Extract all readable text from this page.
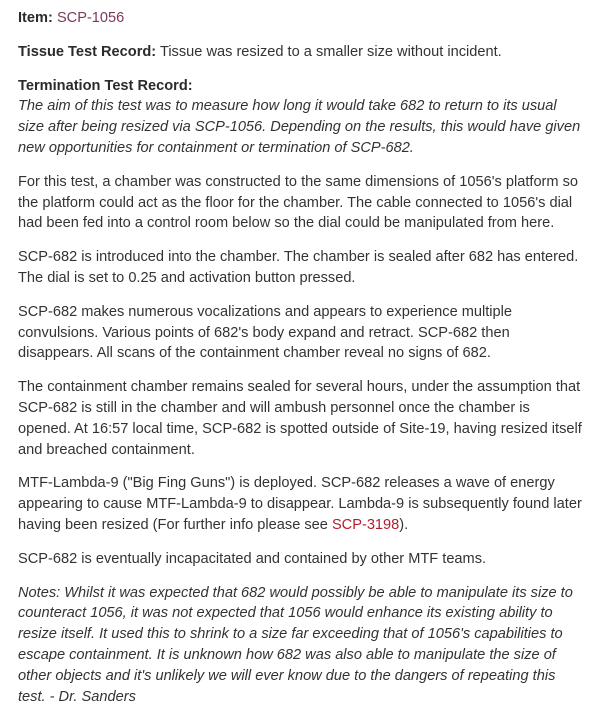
Item: SCP-1056

Tissue Test Record: Tissue was resized to a smaller size without incident.

Termination Test Record:
The aim of this test was to measure how long it would take 682 to return to its usual size after being resized via SCP-1056. Depending on the results, this would have given new opportunities for containment or termination of SCP-682.

For this test, a chamber was constructed to the same dimensions of 1056's platform so the platform could act as the floor for the chamber. The cable connected to 1056's dial had been fed into a control room below so the dial could be manipulated from here.

SCP-682 is introduced into the chamber. The chamber is sealed after 682 has entered. The dial is set to 0.25 and activation button pressed.

SCP-682 makes numerous vocalizations and appears to experience multiple convulsions. Various points of 682's body expand and retract. SCP-682 then disappears. All scans of the containment chamber reveal no signs of 682.

The containment chamber remains sealed for several hours, under the assumption that SCP-682 is still in the chamber and will ambush personnel once the chamber is opened. At 16:57 local time, SCP-682 is spotted outside of Site-19, having resized itself and breached containment.

MTF-Lambda-9 ("Big Fing Guns") is deployed. SCP-682 releases a wave of energy appearing to cause MTF-Lambda-9 to disappear. Lambda-9 is subsequently found later having been resized (For further info please see SCP-3198).

SCP-682 is eventually incapacitated and contained by other MTF teams.

Notes: Whilst it was expected that 682 would possibly be able to manipulate its size to counteract 1056, it was not expected that 1056 would enhance its existing ability to resize itself. It used this to shrink to a size far exceeding that of 1056's capabilities to escape containment. It is unknown how 682 was also able to manipulate the size of other objects and it's unlikely we will ever know due to the dangers of repeating this test. - Dr. Sanders
